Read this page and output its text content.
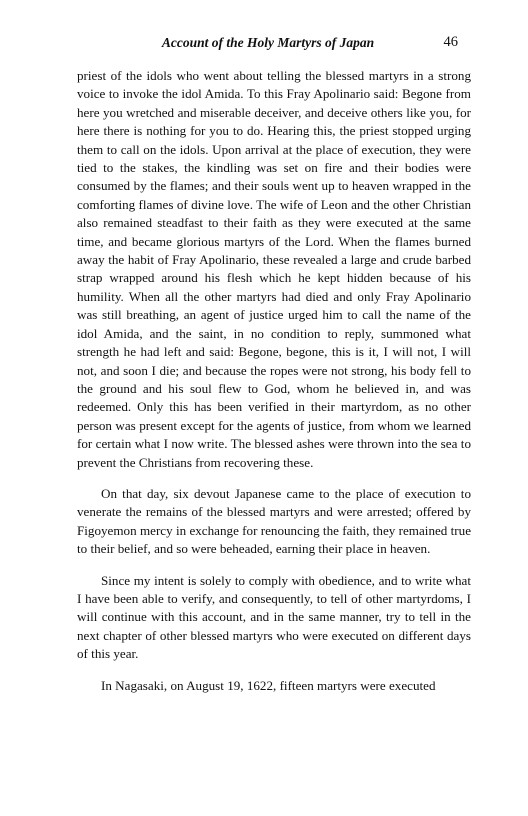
Account of the Holy Martyrs of Japan	46

priest of the idols who went about telling the blessed martyrs in a strong voice to invoke the idol Amida. To this Fray Apolinario said: Begone from here you wretched and miserable deceiver, and deceive others like you, for here there is nothing for you to do. Hearing this, the priest stopped urging them to call on the idols. Upon arrival at the place of execution, they were tied to the stakes, the kindling was set on fire and their bodies were consumed by the flames; and their souls went up to heaven wrapped in the comforting flames of divine love. The wife of Leon and the other Christian also remained steadfast to their faith as they were executed at the same time, and became glorious martyrs of the Lord. When the flames burned away the habit of Fray Apolinario, these revealed a large and crude barbed strap wrapped around his flesh which he kept hidden because of his humility. When all the other martyrs had died and only Fray Apolinario was still breathing, an agent of justice urged him to call the name of the idol Amida, and the saint, in no condition to reply, summoned what strength he had left and said: Begone, begone, this is it, I will not, I will not, and soon I die; and because the ropes were not strong, his body fell to the ground and his soul flew to God, whom he believed in, and was redeemed. Only this has been verified in their martyrdom, as no other person was present except for the agents of justice, from whom we learned for certain what I now write. The blessed ashes were thrown into the sea to prevent the Christians from recovering these.

On that day, six devout Japanese came to the place of execution to venerate the remains of the blessed martyrs and were arrested; offered by Figoyemon mercy in exchange for renouncing the faith, they remained true to their belief, and so were beheaded, earning their place in heaven.

Since my intent is solely to comply with obedience, and to write what I have been able to verify, and consequently, to tell of other martyrdoms, I will continue with this account, and in the same manner, try to tell in the next chapter of other blessed martyrs who were executed on different days of this year.

In Nagasaki, on August 19, 1622, fifteen martyrs were executed
